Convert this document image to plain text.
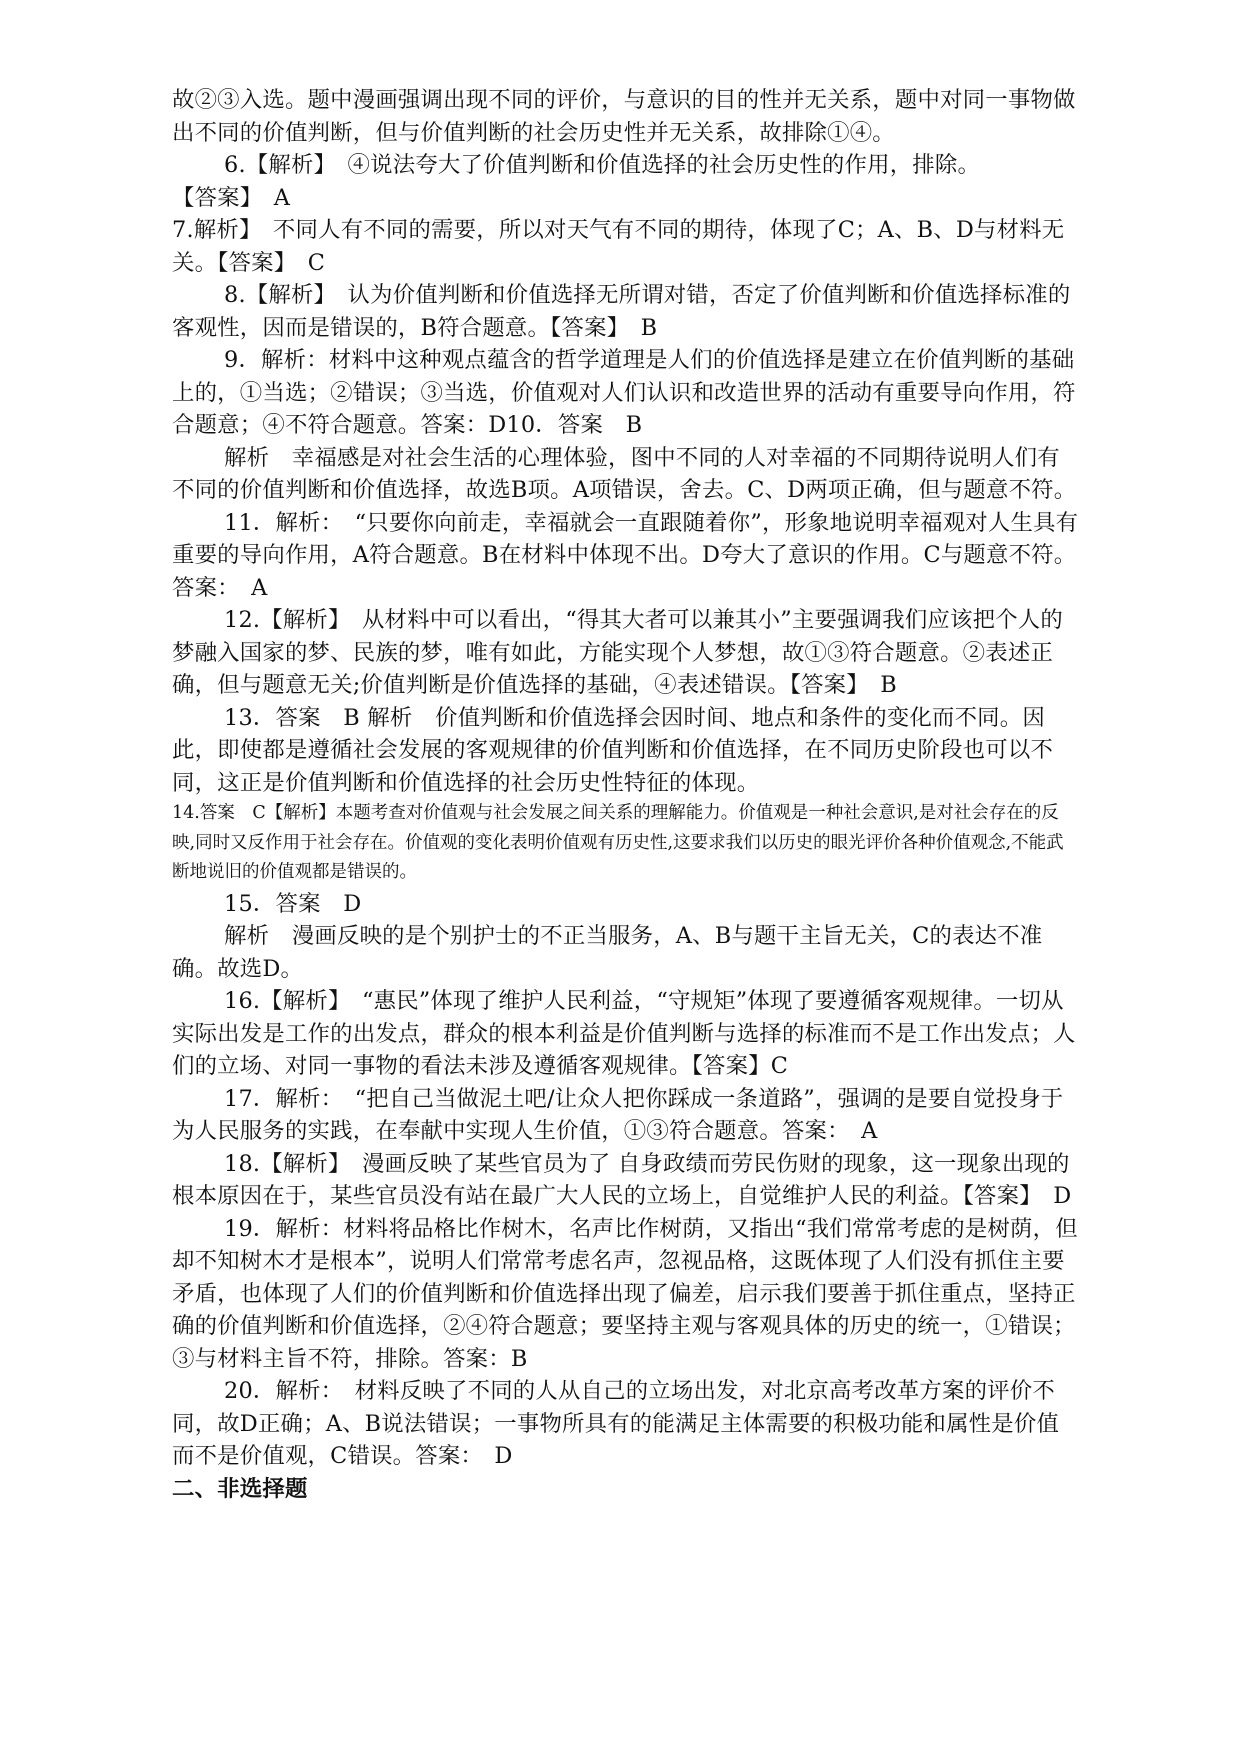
故②③入选。题中漫画强调出现不同的评价，与意识的目的性并无关系，题中对同一事物做出不同的价值判断，但与价值判断的社会历史性并无关系，故排除①④。

6.【解析】　④说法夸大了价值判断和价值选择的社会历史性的作用，排除。

【答案】　A

7.解析】　不同人有不同的需要，所以对天气有不同的期待，体现了C；A、B、D与材料无关。【答案】　C

8.【解析】　认为价值判断和价值选择无所谓对错，否定了价值判断和价值选择标准的客观性，因而是错误的，B符合题意。【答案】　B

9．解析：材料中这种观点蕴含的哲学道理是人们的价值选择是建立在价值判断的基础上的，①当选；②错误；③当选，价值观对人们认识和改造世界的活动有重要导向作用，符合题意；④不符合题意。答案：D10．答案　B

解析　幸福感是对社会生活的心理体验，图中不同的人对幸福的不同期待说明人们有不同的价值判断和价值选择，故选B项。A项错误，舍去。C、D两项正确，但与题意不符。

11．解析：　“只要你向前走，幸福就会一直跟随着你”，形象地说明幸福观对人生具有重要的导向作用，A符合题意。B在材料中体现不出。D夸大了意识的作用。C与题意不符。答案：　A

12.【解析】　从材料中可以看出，“得其大者可以兼其小”主要强调我们应该把个人的梦融入国家的梦、民族的梦，唯有如此，方能实现个人梦想，故①③符合题意。②表述正确，但与题意无关;价值判断是价值选择的基础，④表述错误。【答案】　B

13．答案　B 解析　价值判断和价值选择会因时间、地点和条件的变化而不同。因此，即使都是遵循社会发展的客观规律的价值判断和价值选择，在不同历史阶段也可以不同，这正是价值判断和价值选择的社会历史性特征的体现。

14.答案　C【解析】本题考查对价值观与社会发展之间关系的理解能力。价值观是一种社会意识,是对社会存在的反映,同时又反作用于社会存在。价值观的变化表明价值观有历史性,这要求我们以历史的眼光评价各种价值观念,不能武断地说旧的价值观都是错误的。

15．答案　D

解析　漫画反映的是个别护士的不正当服务，A、B与题干主旨无关，C的表达不准确。故选D。

16.【解析】　“惠民”体现了维护人民利益，“守规矩”体现了要遵循客观规律。一切从实际出发是工作的出发点，群众的根本利益是价值判断与选择的标准而不是工作出发点；人们的立场、对同一事物的看法未涉及遵循客观规律。【答案】C

17．解析：　“把自己当做泥土吧/让众人把你踩成一条道路”，强调的是要自觉投身于为人民服务的实践，在奉献中实现人生价值，①③符合题意。答案：　A

18.【解析】　漫画反映了某些官员为了 自身政绩而劳民伤财的现象，这一现象出现的根本原因在于，某些官员没有站在最广大人民的立场上，自觉维护人民的利益。【答案】　D

19．解析：材料将品格比作树木，名声比作树荫，又指出“我们常常考虑的是树荫，但却不知树木才是根本”，说明人们常常考虑名声，忽视品格，这既体现了人们没有抓住主要矛盾，也体现了人们的价值判断和价值选择出现了偏差，启示我们要善于抓住重点，坚持正确的价值判断和价值选择，②④符合题意；要坚持主观与客观具体的历史的统一，①错误；③与材料主旨不符，排除。答案：B

20．解析：　材料反映了不同的人从自己的立场出发，对北京高考改革方案的评价不同，故D正确；A、B说法错误；一事物所具有的能满足主体需要的积极功能和属性是价值而不是价值观，C错误。答案：　D

二、非选择题
